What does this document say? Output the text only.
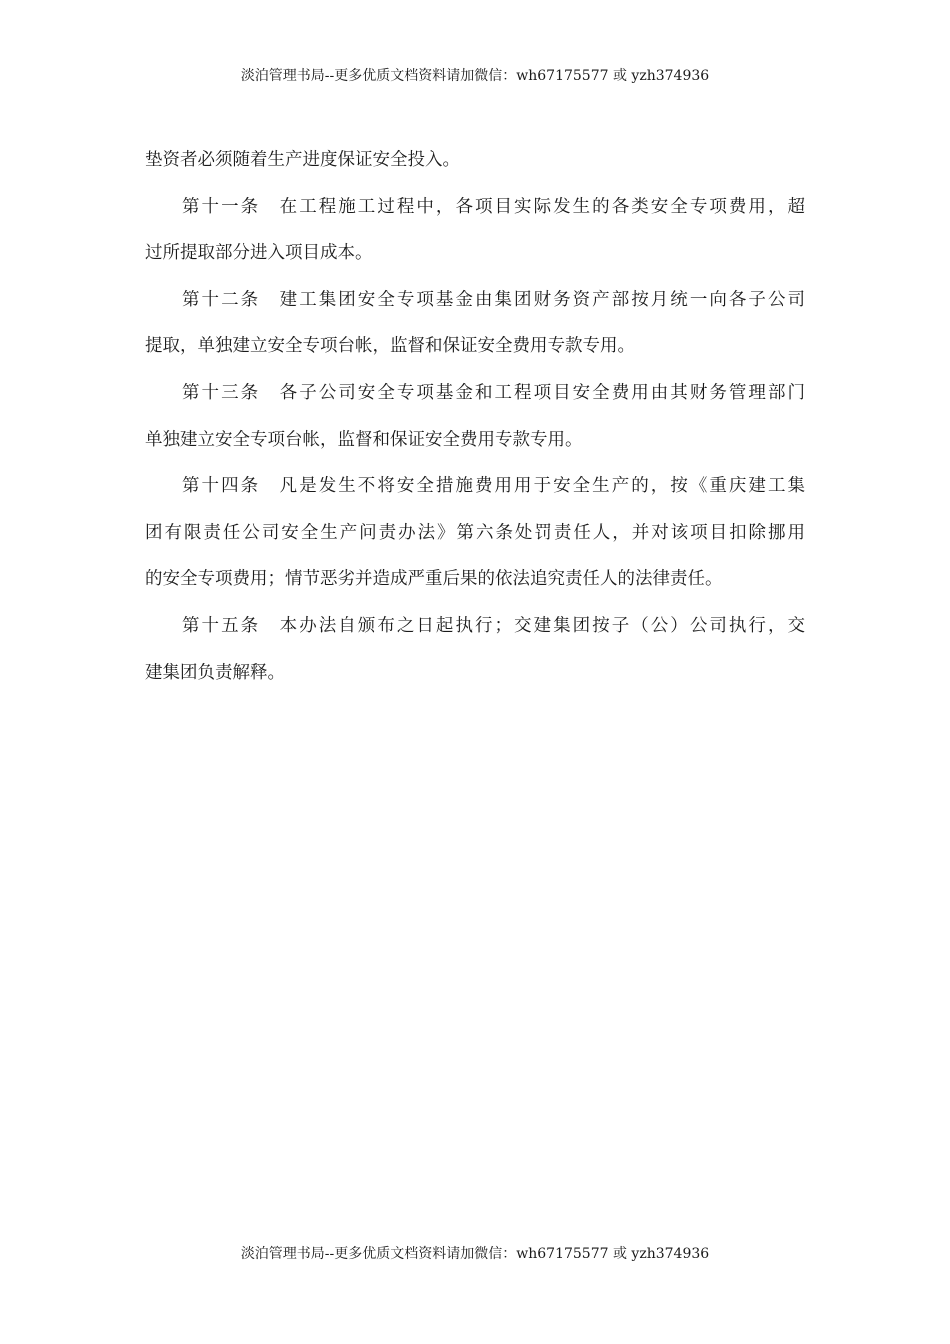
淡泊管理书局--更多优质文档资料请加微信：wh67175577 或 yzh374936
垫资者必须随着生产进度保证安全投入。
第十一条　在工程施工过程中，各项目实际发生的各类安全专项费用，超
过所提取部分进入项目成本。
第十二条　建工集团安全专项基金由集团财务资产部按月统一向各子公司
提取，单独建立安全专项台帐，监督和保证安全费用专款专用。
第十三条　各子公司安全专项基金和工程项目安全费用由其财务管理部门
单独建立安全专项台帐，监督和保证安全费用专款专用。
第十四条　凡是发生不将安全措施费用用于安全生产的，按《重庆建工集
团有限责任公司安全生产问责办法》第六条处罚责任人，并对该项目扣除挪用
的安全专项费用；情节恶劣并造成严重后果的依法追究责任人的法律责任。
第十五条　本办法自颁布之日起执行；交建集团按子（公）公司执行，交
建集团负责解释。
淡泊管理书局--更多优质文档资料请加微信：wh67175577 或 yzh374936
